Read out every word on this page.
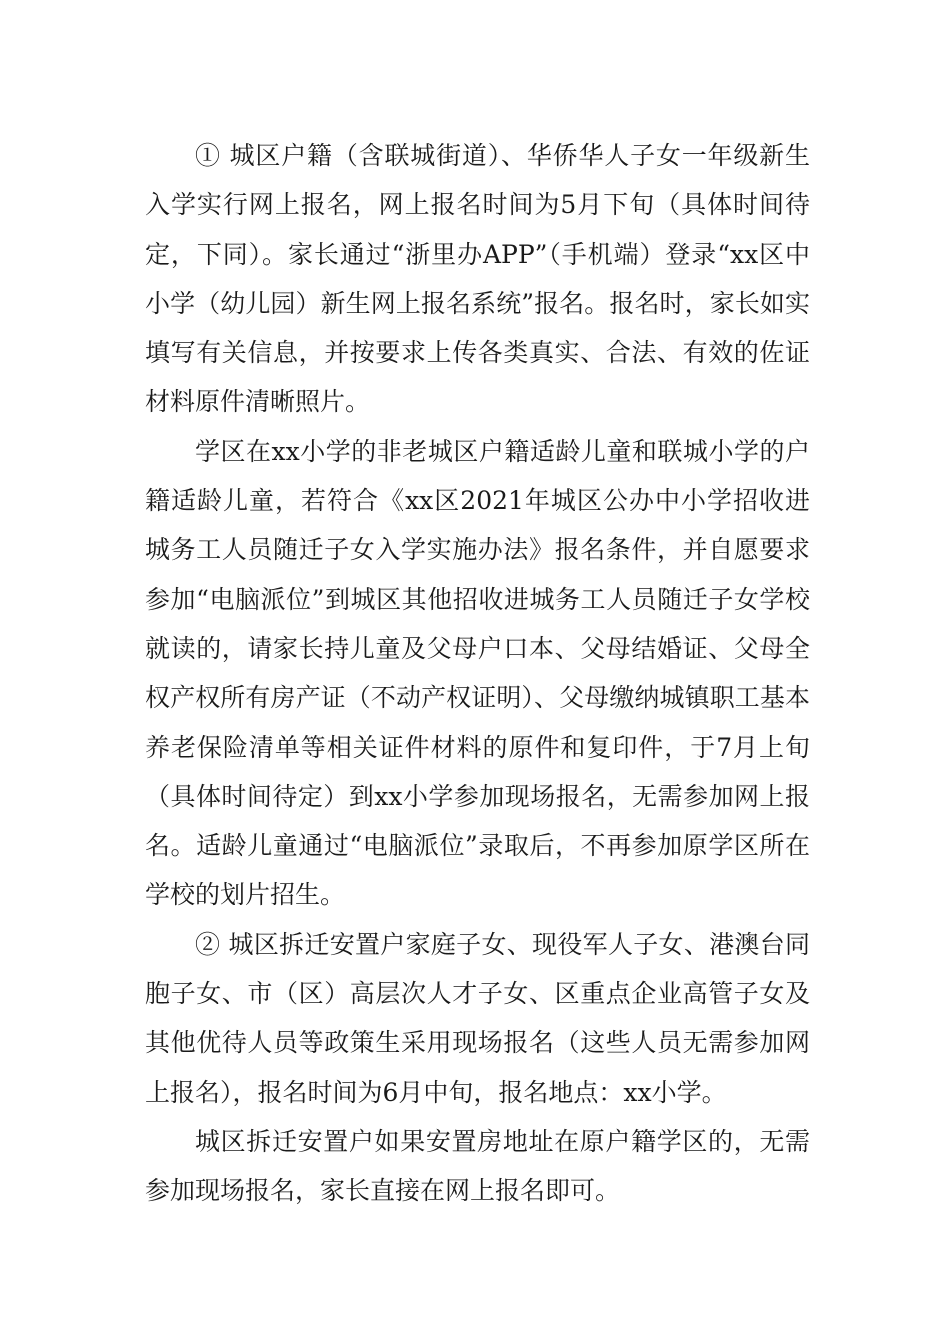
① 城区户籍（含联城街道）、华侨华人子女一年级新生入学实行网上报名，网上报名时间为5月下旬（具体时间待定，下同）。家长通过“浙里办APP”（手机端）登录“xx区中小学（幼儿园）新生网上报名系统”报名。报名时，家长如实填写有关信息，并按要求上传各类真实、合法、有效的佐证材料原件清晰照片。

学区在xx小学的非老城区户籍适龄儿童和联城小学的户籍适龄儿童，若符合《xx区2021年城区公办中小学招收进城务工人员随迁子女入学实施办法》报名条件，并自愿要求参加“电脑派位”到城区其他招收进城务工人员随迁子女学校就读的，请家长持儿童及父母户口本、父母结婚证、父母全权产权所有房产证（不动产权证明）、父母缴纳城镇职工基本养老保险清单等相关证件材料的原件和复印件，于7月上旬（具体时间待定）到xx小学参加现场报名，无需参加网上报名。适龄儿童通过“电脑派位”录取后，不再参加原学区所在学校的划片招生。

② 城区拆迁安置户家庭子女、现役军人子女、港澳台同胞子女、市（区）高层次人才子女、区重点企业高管子女及其他优待人员等政策生采用现场报名（这些人员无需参加网上报名），报名时间为6月中旬，报名地点：xx小学。

城区拆迁安置户如果安置房地址在原户籍学区的，无需参加现场报名，家长直接在网上报名即可。
